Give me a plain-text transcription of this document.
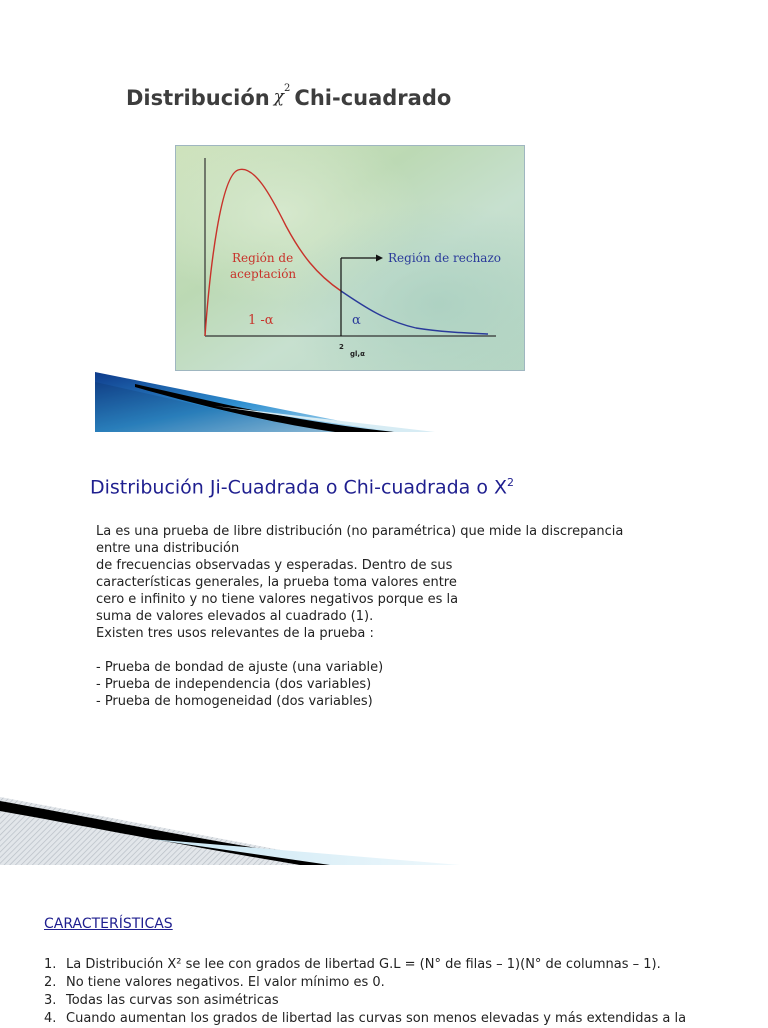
Distribución $\chi^2$ Chi-cuadrado
Región de
aceptación
Región de rechazo
1 -α	α
2
gl,α
Distribución Ji-Cuadrada o Chi-cuadrada o $X^2$
La es una prueba de libre distribución (no paramétrica) que mide la discrepancia
entre una distribución
de frecuencias observadas y esperadas. Dentro de sus
características generales, la prueba toma valores entre
cero e infinito y no tiene valores negativos porque es la
suma de valores elevados al cuadrado (1).
Existen tres usos relevantes de la prueba :
- Prueba de bondad de ajuste (una variable)
- Prueba de independencia (dos variables)
- Prueba de homogeneidad (dos variables)
CARACTERÍSTICAS
1. La Distribución X² se lee con grados de libertad G.L = (N° de filas – 1)(N° de columnas – 1).
2. No tiene valores negativos. El valor mínimo es 0.
3. Todas las curvas son asimétricas
4. Cuando aumentan los grados de libertad las curvas son menos elevadas y más extendidas a la
